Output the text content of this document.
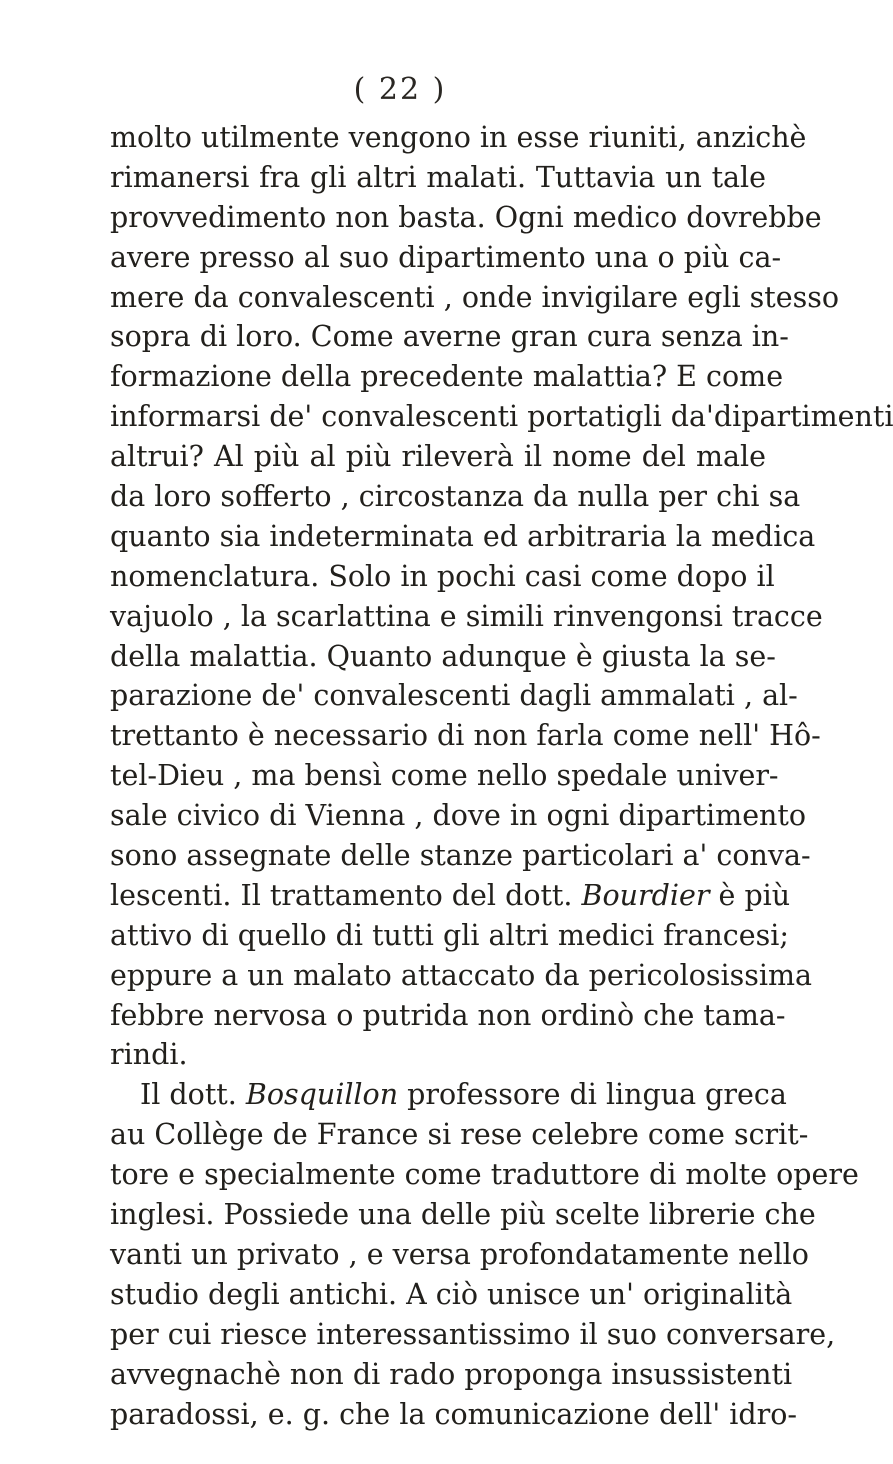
( 22 )
molto utilmente vengono in esse riuniti, anzichè
rimanersi fra gli altri malati. Tuttavia un tale
provvedimento non basta. Ogni medico dovrebbe
avere presso al suo dipartimento una o più ca-
mere da convalescenti , onde invigilare egli stesso
sopra di loro. Come averne gran cura senza in-
formazione della precedente malattia? E come
informarsi de' convalescenti portatigli da'dipartimenti
altrui? Al più al più rileverà il nome del male
da loro sofferto , circostanza da nulla per chi sa
quanto sia indeterminata ed arbitraria la medica
nomenclatura. Solo in pochi casi come dopo il
vajuolo , la scarlattina e simili rinvengonsi tracce
della malattia. Quanto adunque è giusta la se-
parazione de' convalescenti dagli ammalati , al-
trettanto è necessario di non farla come nell' Hô-
tel-Dieu , ma bensì come nello spedale univer-
sale civico di Vienna , dove in ogni dipartimento
sono assegnate delle stanze particolari a' conva-
lescenti. Il trattamento del dott. Bourdier è più
attivo di quello di tutti gli altri medici francesi;
eppure a un malato attaccato da pericolosissima
febbre nervosa o putrida non ordinò che tama-
rindi.
Il dott. Bosquillon professore di lingua greca
au Collège de France si rese celebre come scrit-
tore e specialmente come traduttore di molte opere
inglesi. Possiede una delle più scelte librerie che
vanti un privato , e versa profondatamente nello
studio degli antichi. A ciò unisce un' originalità
per cui riesce interessantissimo il suo conversare,
avvegnachè non di rado proponga insussistenti
paradossi, e. g. che la comunicazione dell' idro-
